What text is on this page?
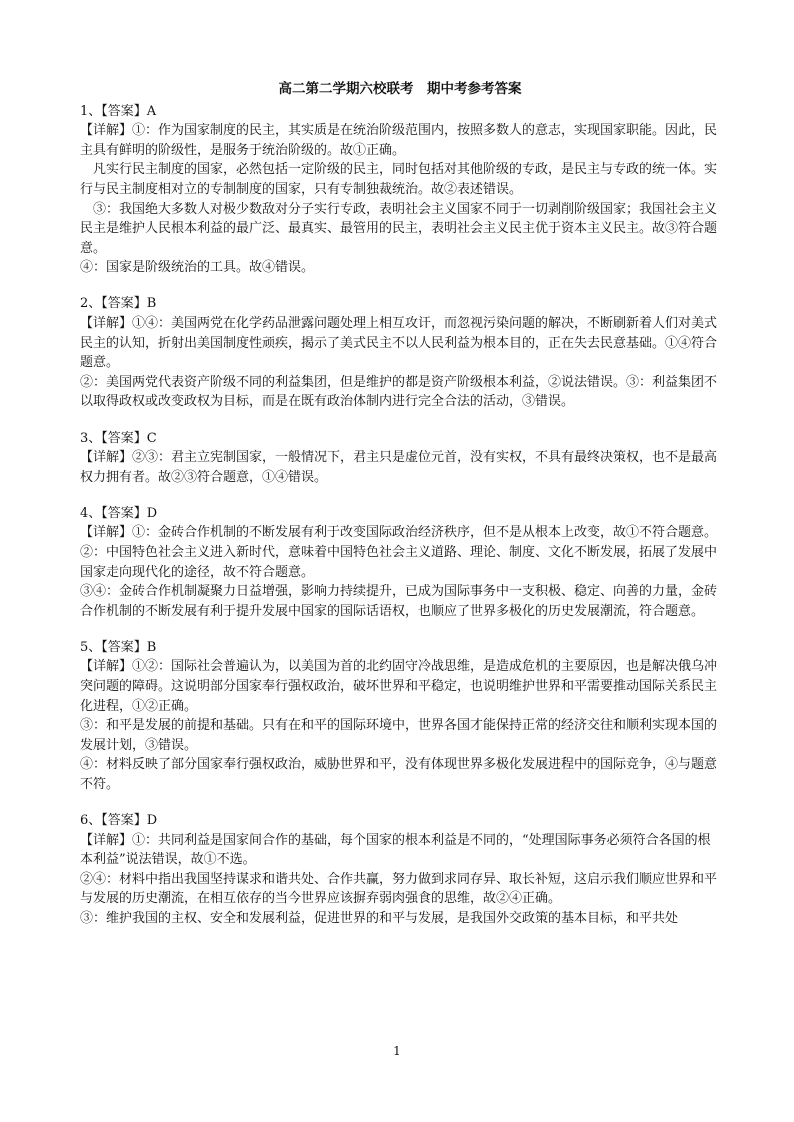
高二第二学期六校联考　期中考参考答案

1、【答案】A

【详解】①：作为国家制度的民主，其实质是在统治阶级范围内，按照多数人的意志，实现国家职能。因此，民主具有鲜明的阶级性，是服务于统治阶级的。故①正确。

凡实行民主制度的国家，必然包括一定阶级的民主，同时包括对其他阶级的专政，是民主与专政的统一体。实行与民主制度相对立的专制制度的国家，只有专制独裁统治。故②表述错误。

③：我国绝大多数人对极少数敌对分子实行专政，表明社会主义国家不同于一切剥削阶级国家；我国社会主义民主是维护人民根本利益的最广泛、最真实、最管用的民主，表明社会主义民主优于资本主义民主。故③符合题意。

④：国家是阶级统治的工具。故④错误。

2、【答案】B

【详解】①④：美国两党在化学药品泄露问题处理上相互攻讦，而忽视污染问题的解决，不断刷新着人们对美式民主的认知，折射出美国制度性顽疾，揭示了美式民主不以人民利益为根本目的，正在失去民意基础。①④符合题意。

②：美国两党代表资产阶级不同的利益集团，但是维护的都是资产阶级根本利益，②说法错误。③：利益集团不以取得政权或改变政权为目标，而是在既有政治体制内进行完全合法的活动，③错误。

3、【答案】C

【详解】②③：君主立宪制国家，一般情况下，君主只是虚位元首，没有实权，不具有最终决策权，也不是最高权力拥有者。故②③符合题意，①④错误。

4、【答案】D

【详解】①：金砖合作机制的不断发展有利于改变国际政治经济秩序，但不是从根本上改变，故①不符合题意。

②：中国特色社会主义进入新时代，意味着中国特色社会主义道路、理论、制度、文化不断发展，拓展了发展中国家走向现代化的途径，故不符合题意。

③④：金砖合作机制凝聚力日益增强，影响力持续提升，已成为国际事务中一支积极、稳定、向善的力量，金砖合作机制的不断发展有利于提升发展中国家的国际话语权，也顺应了世界多极化的历史发展潮流，符合题意。

5、【答案】B

【详解】①②：国际社会普遍认为，以美国为首的北约固守冷战思维，是造成危机的主要原因，也是解决俄乌冲突问题的障碍。这说明部分国家奉行强权政治，破坏世界和平稳定，也说明维护世界和平需要推动国际关系民主化进程，①②正确。

③：和平是发展的前提和基础。只有在和平的国际环境中，世界各国才能保持正常的经济交往和顺利实现本国的发展计划，③错误。

④：材料反映了部分国家奉行强权政治，威胁世界和平，没有体现世界多极化发展进程中的国际竞争，④与题意不符。

6、【答案】D

【详解】①：共同利益是国家间合作的基础，每个国家的根本利益是不同的，“处理国际事务必须符合各国的根本利益”说法错误，故①不选。

②④：材料中指出我国坚持谋求和谐共处、合作共赢，努力做到求同存异、取长补短，这启示我们顺应世界和平与发展的历史潮流，在相互依存的当今世界应该摒弃弱肉强食的思维，故②④正确。

③：维护我国的主权、安全和发展利益，促进世界的和平与发展，是我国外交政策的基本目标，和平共处

1
